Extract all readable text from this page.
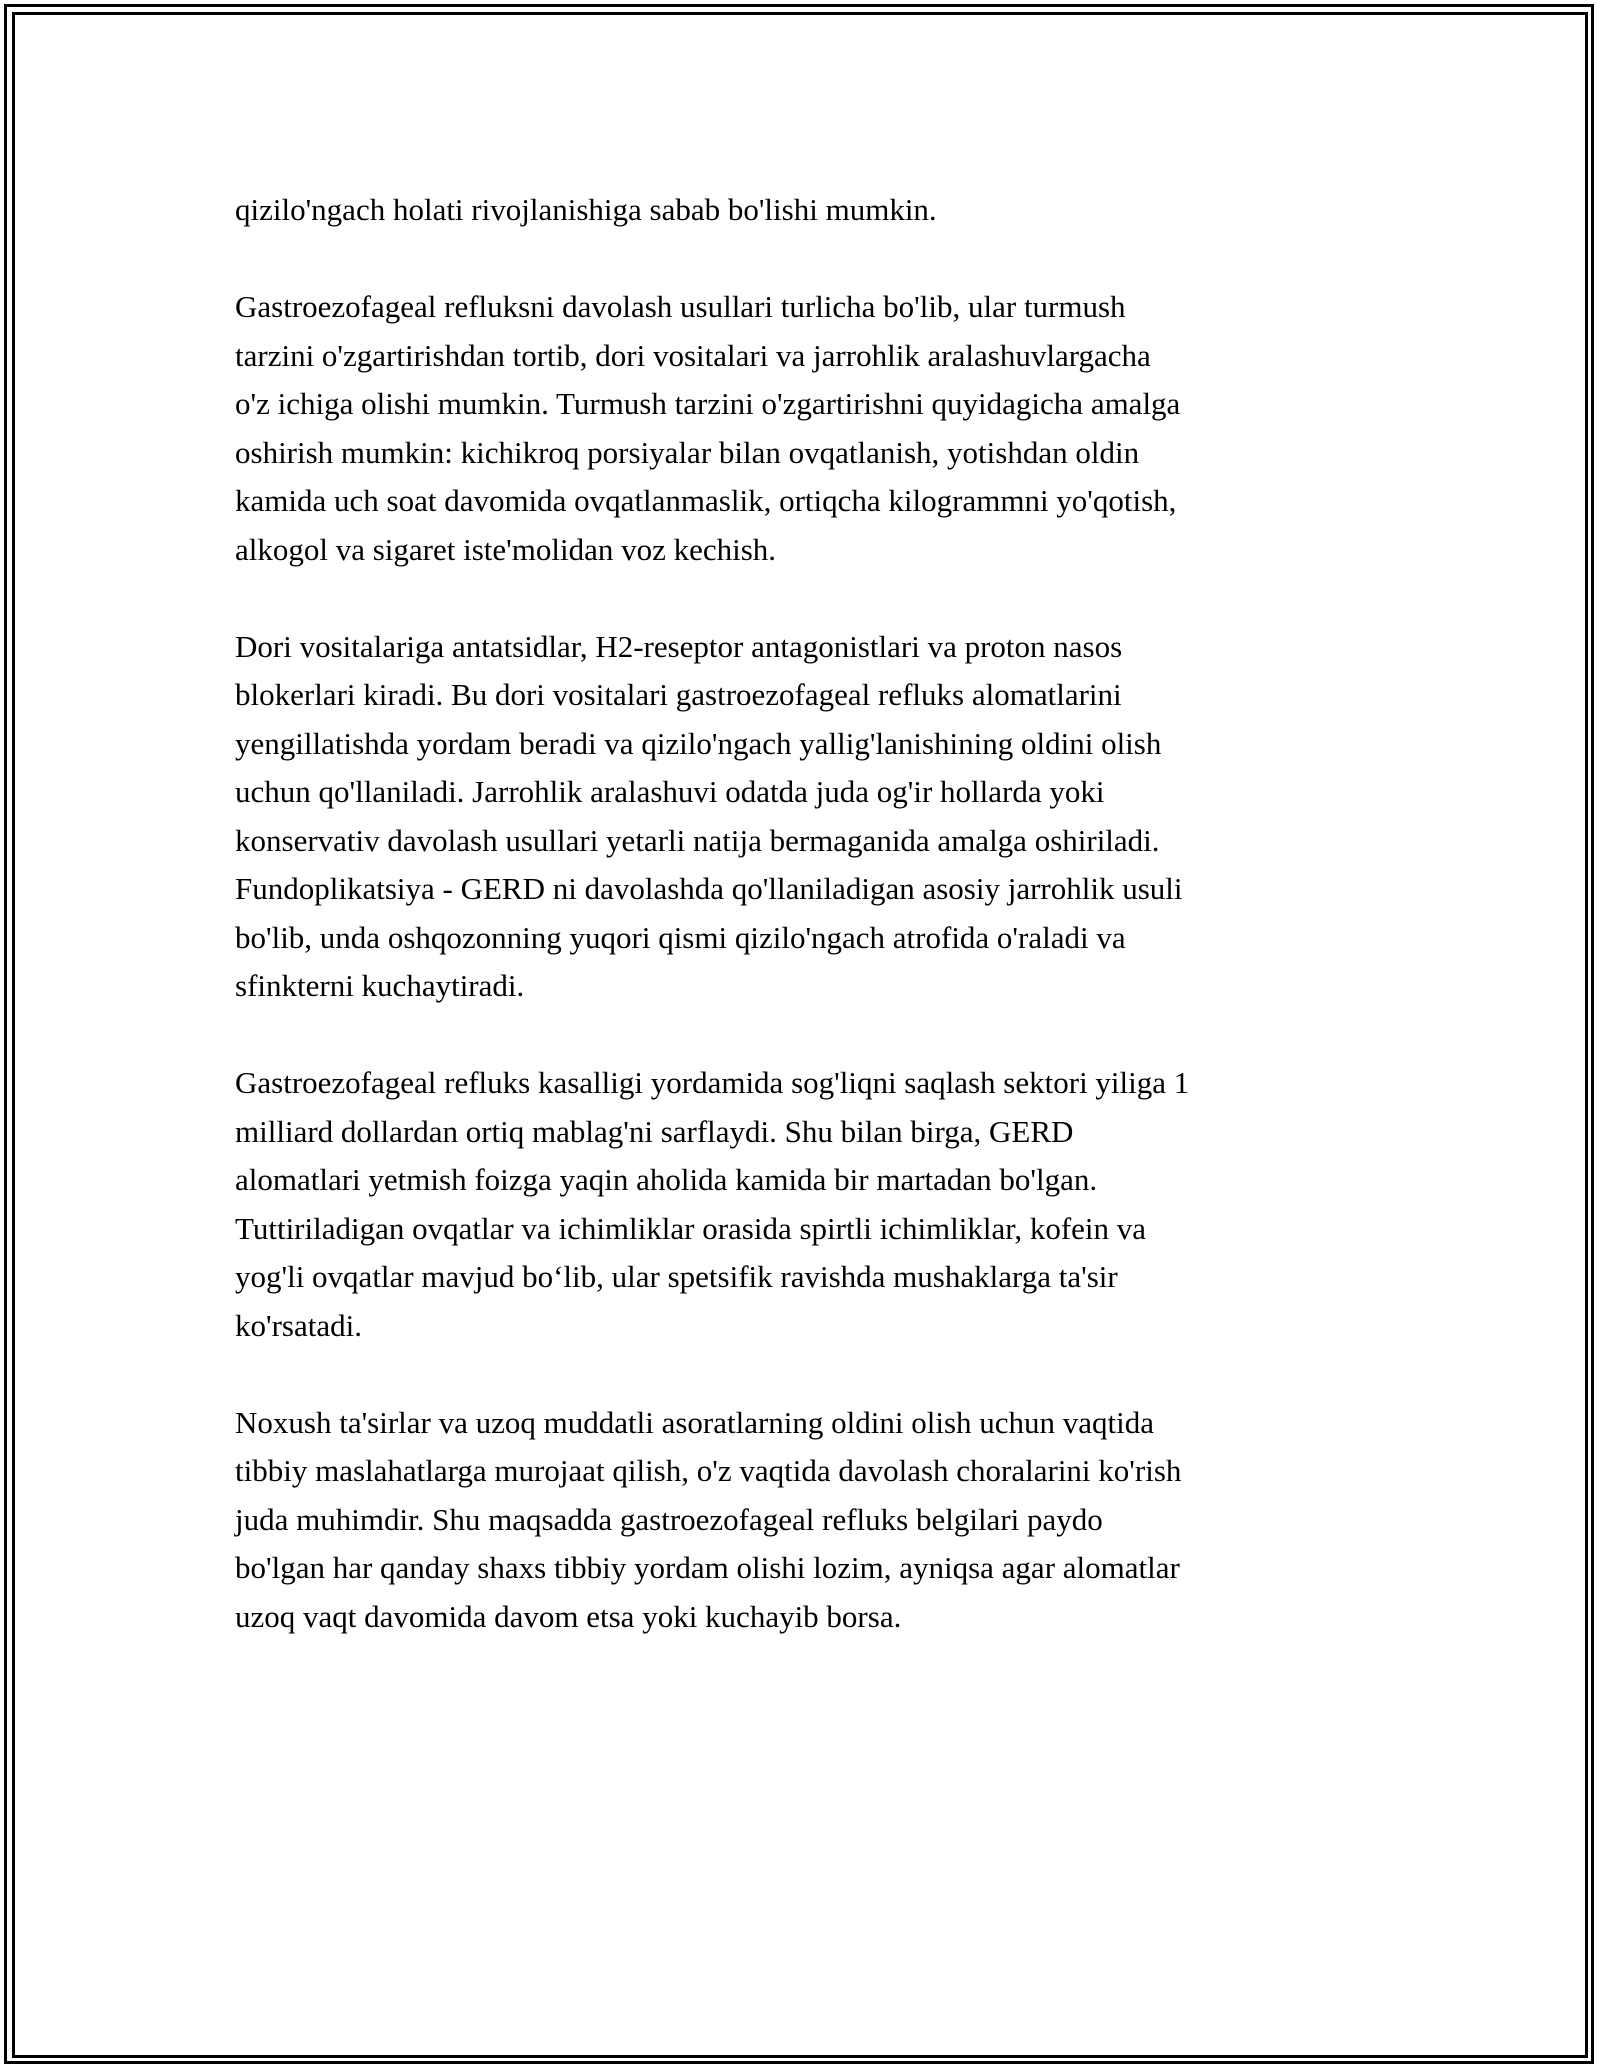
qizilo'ngach holati rivojlanishiga sabab bo'lishi mumkin.

Gastroezofageal refluksni davolash usullari turlicha bo'lib, ular turmush
tarzini o'zgartirishdan tortib, dori vositalari va jarrohlik aralashuvlargacha
o'z ichiga olishi mumkin. Turmush tarzini o'zgartirishni quyidagicha amalga
oshirish mumkin: kichikroq porsiyalar bilan ovqatlanish, yotishdan oldin
kamida uch soat davomida ovqatlanmaslik, ortiqcha kilogrammni yo'qotish,
alkogol va sigaret iste'molidan voz kechish.

Dori vositalariga antatsidlar, H2-reseptor antagonistlari va proton nasos
blokerlari kiradi. Bu dori vositalari gastroezofageal refluks alomatlarini
yengillatishda yordam beradi va qizilo'ngach yallig'lanishining oldini olish
uchun qo'llaniladi. Jarrohlik aralashuvi odatda juda og'ir hollarda yoki
konservativ davolash usullari yetarli natija bermaganida amalga oshiriladi.
Fundoplikatsiya - GERD ni davolashda qo'llaniladigan asosiy jarrohlik usuli
bo'lib, unda oshqozonning yuqori qismi qizilo'ngach atrofida o'raladi va
sfinkterni kuchaytiradi.

Gastroezofageal refluks kasalligi yordamida sog'liqni saqlash sektori yiliga 1
milliard dollardan ortiq mablag'ni sarflaydi. Shu bilan birga, GERD
alomatlari yetmish foizga yaqin aholida kamida bir martadan bo'lgan.
Tuttiriladigan ovqatlar va ichimliklar orasida spirtli ichimliklar, kofein va
yog'li ovqatlar mavjud bo‘lib, ular spetsifik ravishda mushaklarga ta'sir
ko'rsatadi.

Noxush ta'sirlar va uzoq muddatli asoratlarning oldini olish uchun vaqtida
tibbiy maslahatlarga murojaat qilish, o'z vaqtida davolash choralarini ko'rish
juda muhimdir. Shu maqsadda gastroezofageal refluks belgilari paydo
bo'lgan har qanday shaxs tibbiy yordam olishi lozim, ayniqsa agar alomatlar
uzoq vaqt davomida davom etsa yoki kuchayib borsa.
